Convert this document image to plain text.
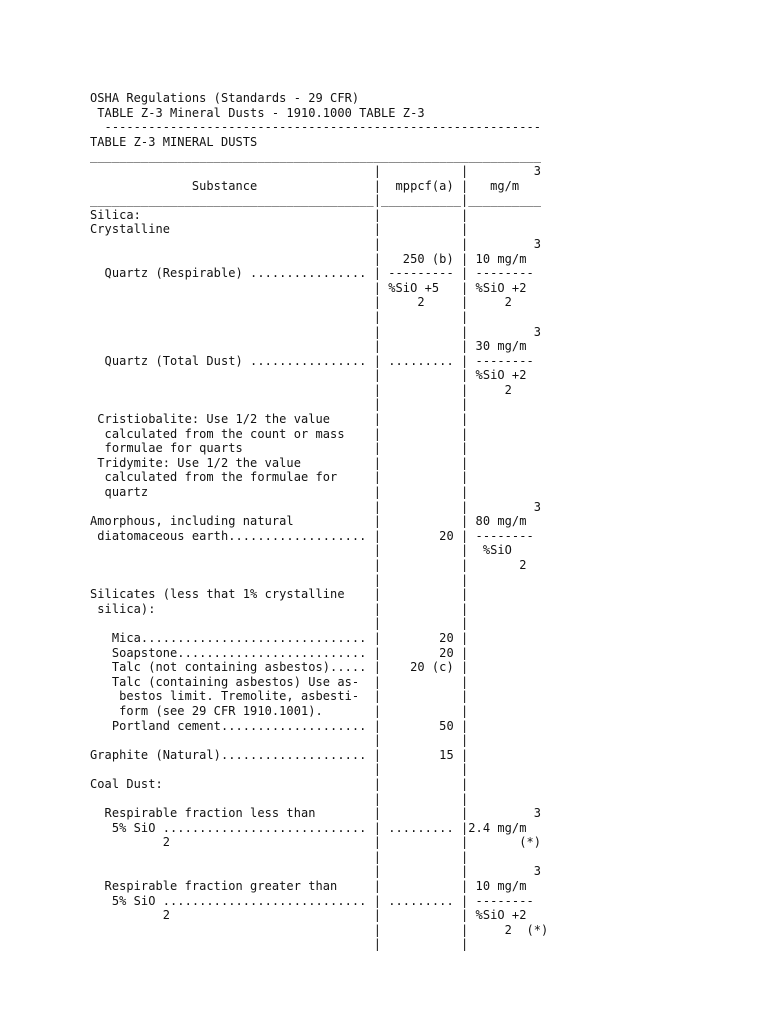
OSHA Regulations (Standards - 29 CFR)
TABLE Z-3 Mineral Dusts - 1910.1000 TABLE Z-3
------------------------------------------------------------
TABLE Z-3 MINERAL DUSTS
______________________________________________________________
|           |         3
Substance                |  mppcf(a) |   mg/m
_______________________________________|___________|__________
Silica:                                |           |
Crystalline                            |           |
|           |         3
|   250 (b) | 10 mg/m
Quartz (Respirable) ................ | --------- | --------
| %SiO +5   | %SiO +2
|     2     |     2
|           |
|           |         3
|           | 30 mg/m
Quartz (Total Dust) ................ | ......... | --------
|           | %SiO +2
|           |     2
|           |
Cristiobalite: Use 1/2 the value      |           |
calculated from the count or mass    |           |
formulae for quarts                  |           |
Tridymite: Use 1/2 the value          |           |
calculated from the formulae for     |           |
quartz                               |           |
|           |         3
Amorphous, including natural           |           | 80 mg/m
diatomaceous earth................... |        20 | --------
|           |  %SiO
|           |       2
|           |
Silicates (less that 1% crystalline    |           |
silica):                              |           |
|           |
Mica............................... |        20 |
Soapstone.......................... |        20 |
Talc (not containing asbestos)..... |    20 (c) |
Talc (containing asbestos) Use as-  |           |
bestos limit. Tremolite, asbesti-  |           |
form (see 29 CFR 1910.1001).       |           |
Portland cement.................... |        50 |
|           |
Graphite (Natural).................... |        15 |
|           |
Coal Dust:                             |           |
|           |
Respirable fraction less than        |           |         3
5% SiO ............................ | ......... |2.4 mg/m
2                            |           |       (*)
|           |
|           |         3
Respirable fraction greater than     |           | 10 mg/m
5% SiO ............................ | ......... | --------
2                            |           | %SiO +2
|           |     2  (*)
|           |
